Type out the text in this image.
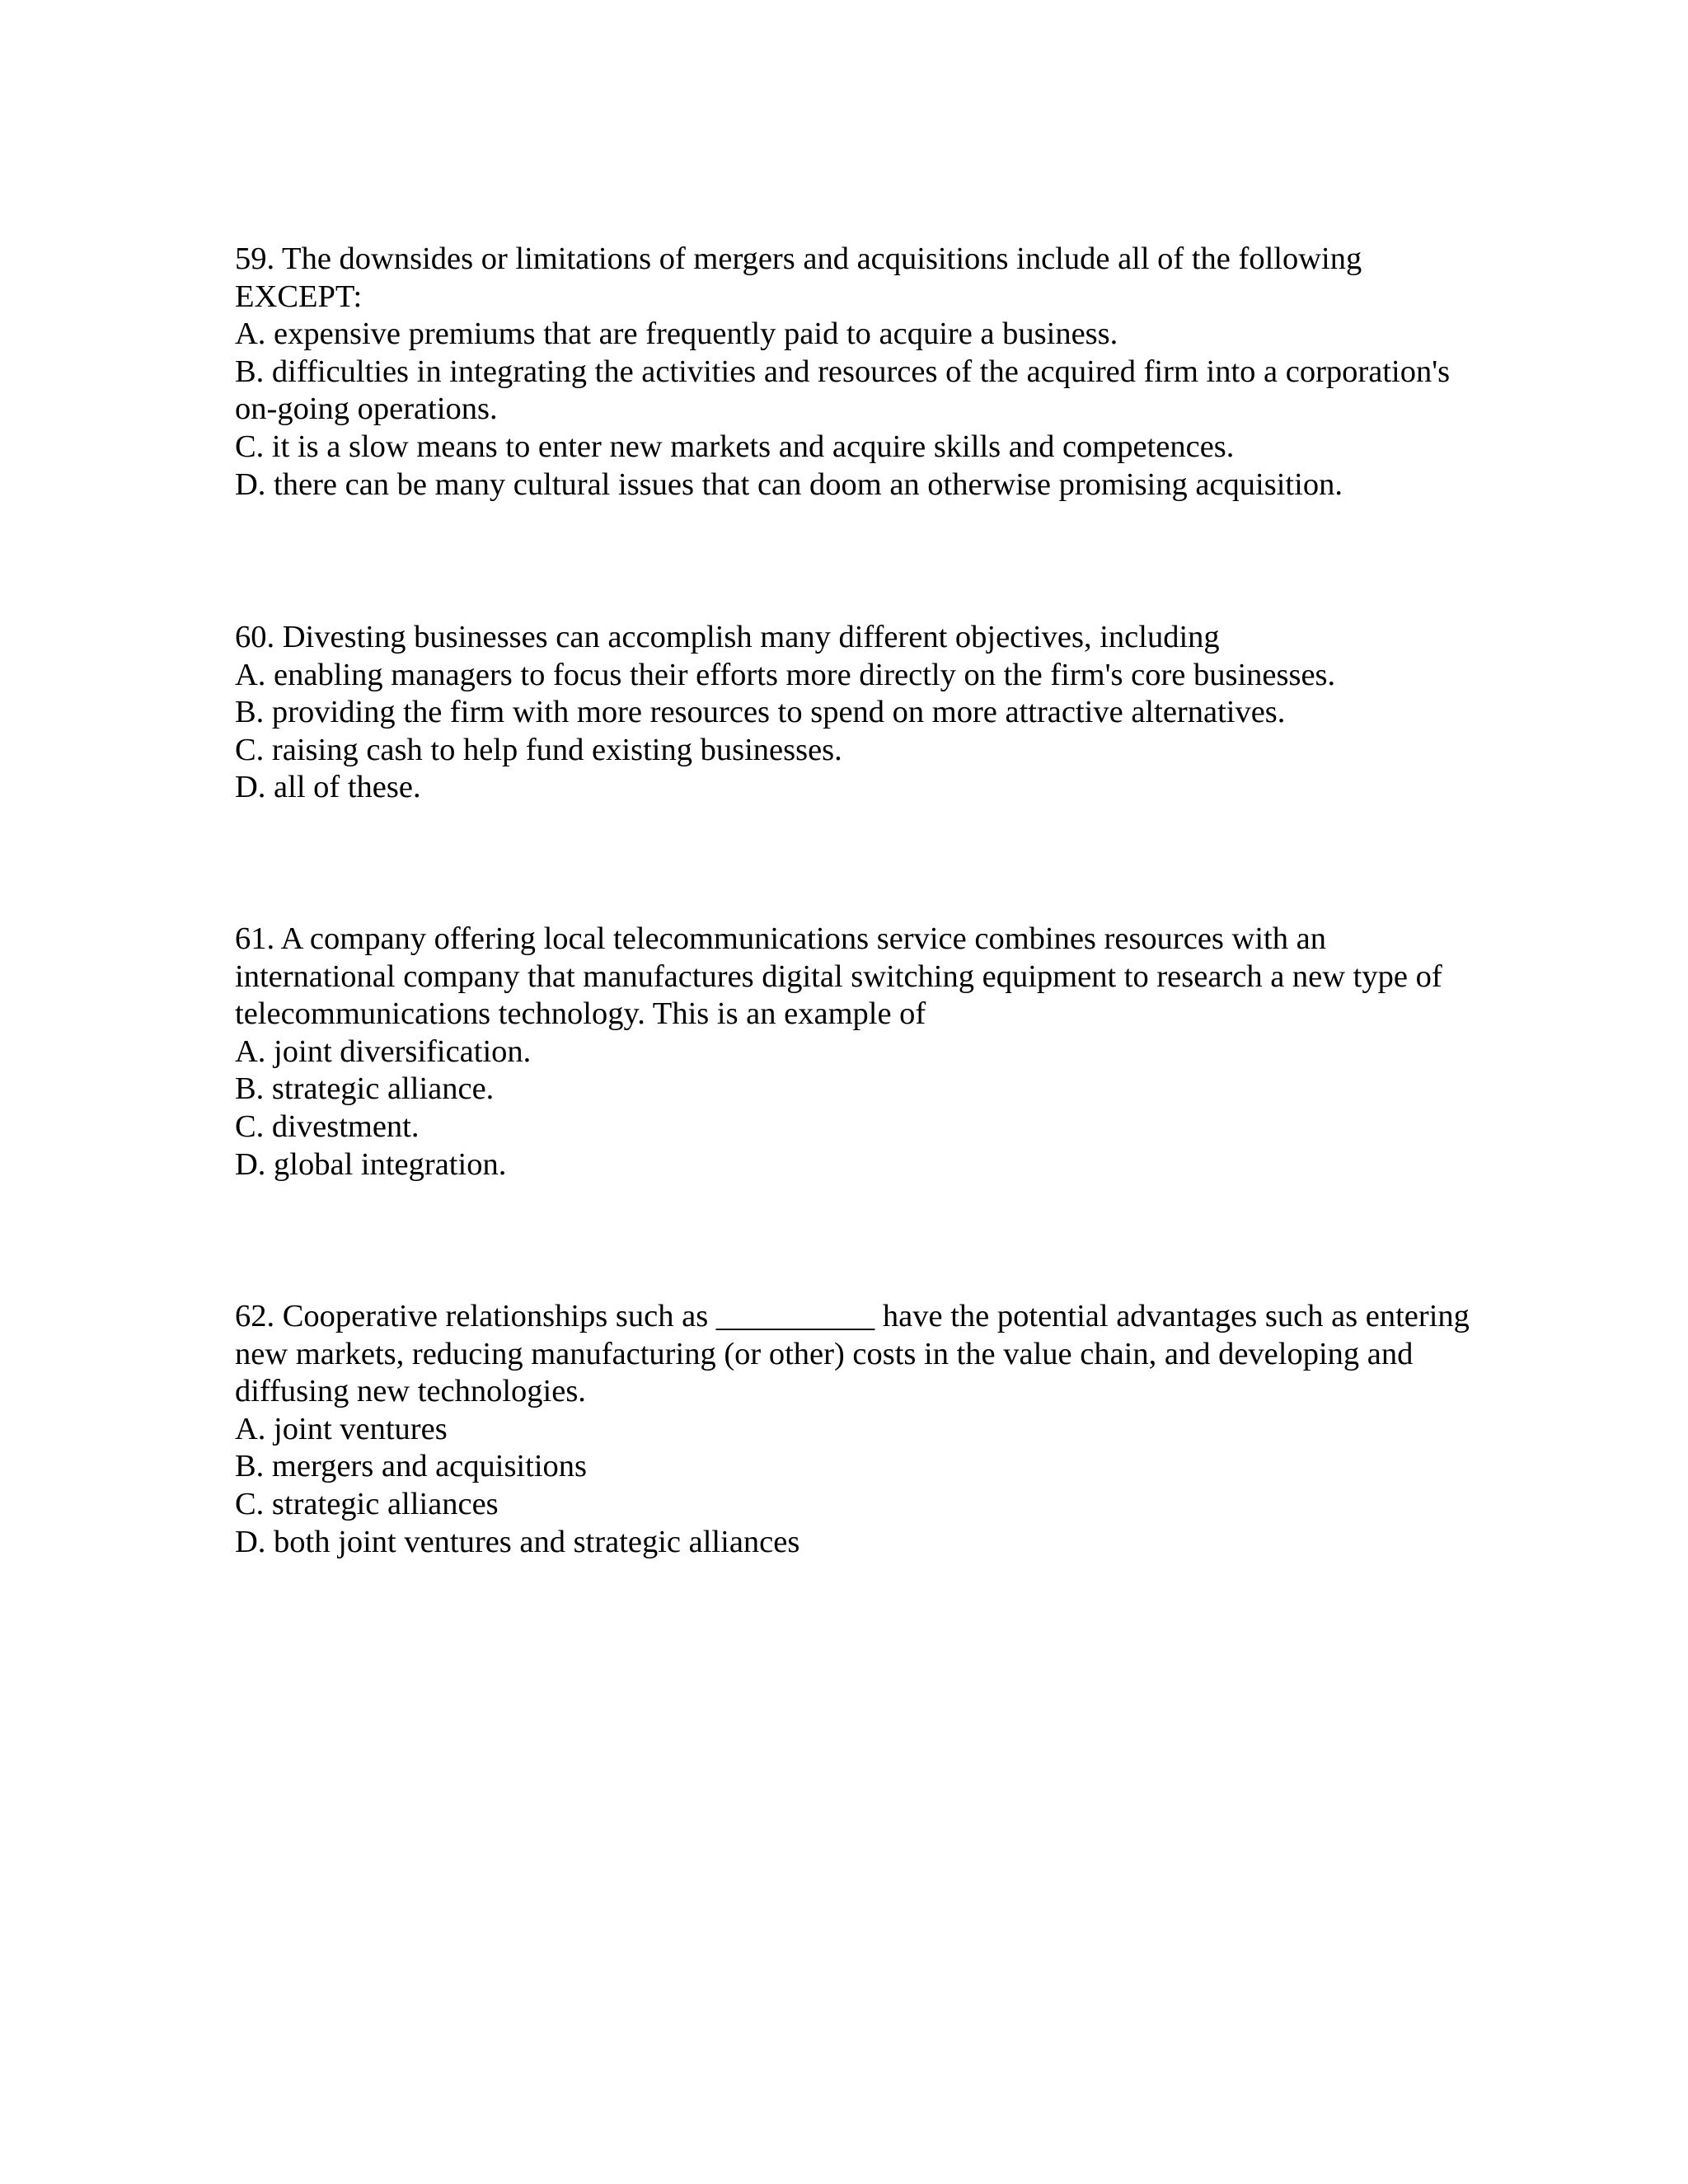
59. The downsides or limitations of mergers and acquisitions include all of the following EXCEPT:

A. expensive premiums that are frequently paid to acquire a business.

B. difficulties in integrating the activities and resources of the acquired firm into a corporation's on-going operations.

C. it is a slow means to enter new markets and acquire skills and competences.

D. there can be many cultural issues that can doom an otherwise promising acquisition.

60. Divesting businesses can accomplish many different objectives, including

A. enabling managers to focus their efforts more directly on the firm's core businesses.

B. providing the firm with more resources to spend on more attractive alternatives.

C. raising cash to help fund existing businesses.

D. all of these.

61. A company offering local telecommunications service combines resources with an international company that manufactures digital switching equipment to research a new type of telecommunications technology. This is an example of

A. joint diversification.

B. strategic alliance.

C. divestment.

D. global integration.

62. Cooperative relationships such as __________ have the potential advantages such as entering new markets, reducing manufacturing (or other) costs in the value chain, and developing and diffusing new technologies.

A. joint ventures

B. mergers and acquisitions

C. strategic alliances

D. both joint ventures and strategic alliances
